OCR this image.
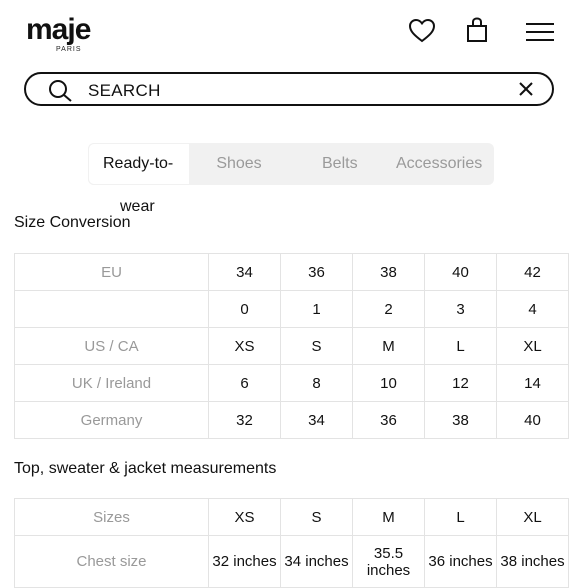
maje
PARIS
SEARCH
Shoes
Ready-to-
wear
Belts Accessories
Size Conversion
EU	34	36	38	40	42
	0	1	2	3	4
US / CA	XS	S	M	L	XL
UK / Ireland	6	8	10	12	14
Germany	32	34	36	38	40
Top, sweater & jacket measurements
Sizes	XS	S	M	L	XL
Chest size	32 inches	34 inches	35.5 inches	36 inches	38 inches
